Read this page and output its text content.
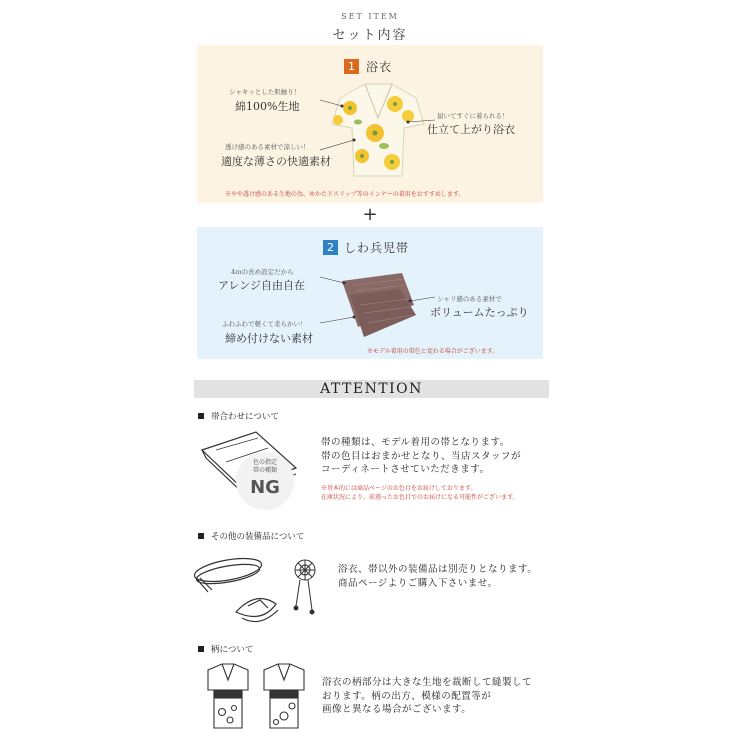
SET ITEM
セット内容
1 浴衣
シャキッとした肌触り！
綿100%生地
透け感のある素材で涼しい！
適度な薄さの快適素材
届いてすぐに着られる！
仕立て上がり浴衣
※やや透け感のある生地の為、ゆかた下スリップ等のインナーの着用をおすすめします。
+
2 しわ兵児帯
4ｍの長め設定だから
アレンジ自由自在
ふわふわで軽くて柔らかい！
締め付けない素材
シャリ感のある素材で
ボリュームたっぷり
※モデル着用の帯色と変わる場合がございます。
ATTENTION
帯合わせについて
色の指定
帯の種類
NG
帯の種類は、モデル着用の帯となります。
帯の色目はおまかせとなり、当店スタッフが
コーディネートさせていただきます。
※基本的には商品ページのお色目をお届けしております。
在庫状況により、前週ったお色目でのお届けになる可能性がございます。
その他の装備品について
浴衣、帯以外の装備品は別売りとなります。
商品ページよりご購入下さいませ。
柄について
浴衣の柄部分は大きな生地を裁断して縫製して
おります。柄の出方、模様の配置等が
画像と異なる場合がございます。
